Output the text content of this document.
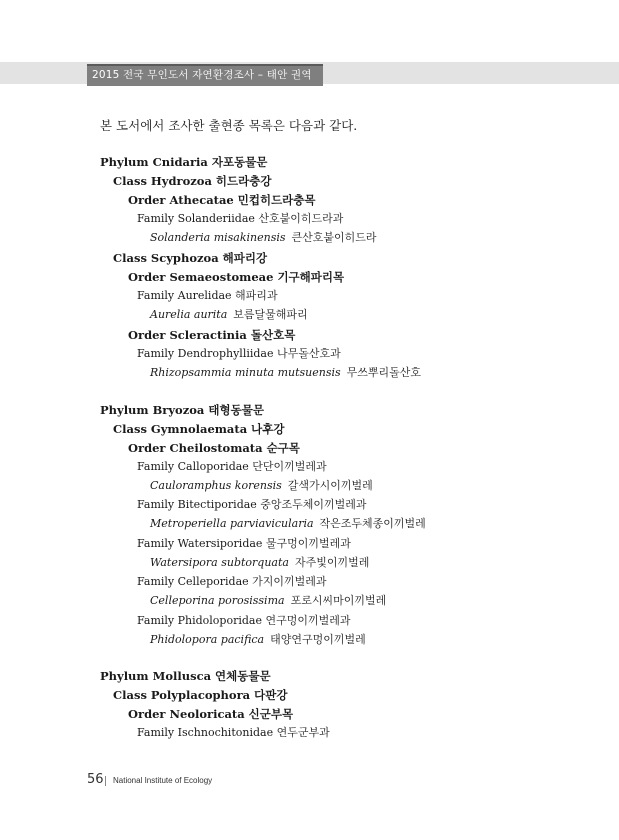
2015 전국 무인도서 자연환경조사 – 태안 권역
본 도서에서 조사한 출현종 목록은 다음과 같다.
Phylum Cnidaria 자포동물문
Class Hydrozoa 히드라충강
Order Athecatae 민컵히드라충목
Family Solanderiidae 산호붙이히드라과
Solanderia misakinensis 큰산호붙이히드라
Class Scyphozoa 해파리강
Order Semaeostomeae 기구해파리목
Family Aurelidae 해파리과
Aurelia aurita 보름달물해파리
Order Scleractinia 돌산호목
Family Dendrophylliidae 나무돌산호과
Rhizopsammia minuta mutsuensis 무쓰뿌리돌산호
Phylum Bryozoa 태형동물문
Class Gymnolaemata 나후강
Order Cheilostomata 순구목
Family Calloporidae 단단이끼벌레과
Cauloramphus korensis 갈색가시이끼벌레
Family Bitectiporidae 중앙조두체이끼벌레과
Metroperiella parviavicularia 작은조두체종이끼벌레
Family Watersiporidae 물구멍이끼벌레과
Watersipora subtorquata 자주빛이끼벌레
Family Celleporidae 가지이끼벌레과
Celleporina porosissima 포로시씨마이끼벌레
Family Phidoloporidae 연구멍이끼벌레과
Phidolopora pacifica 태양연구멍이끼벌레
Phylum Mollusca 연체동물문
Class Polyplacophora 다판강
Order Neoloricata 신군부목
Family Ischnochitonidae 연두군부과
56 National Institute of Ecology
